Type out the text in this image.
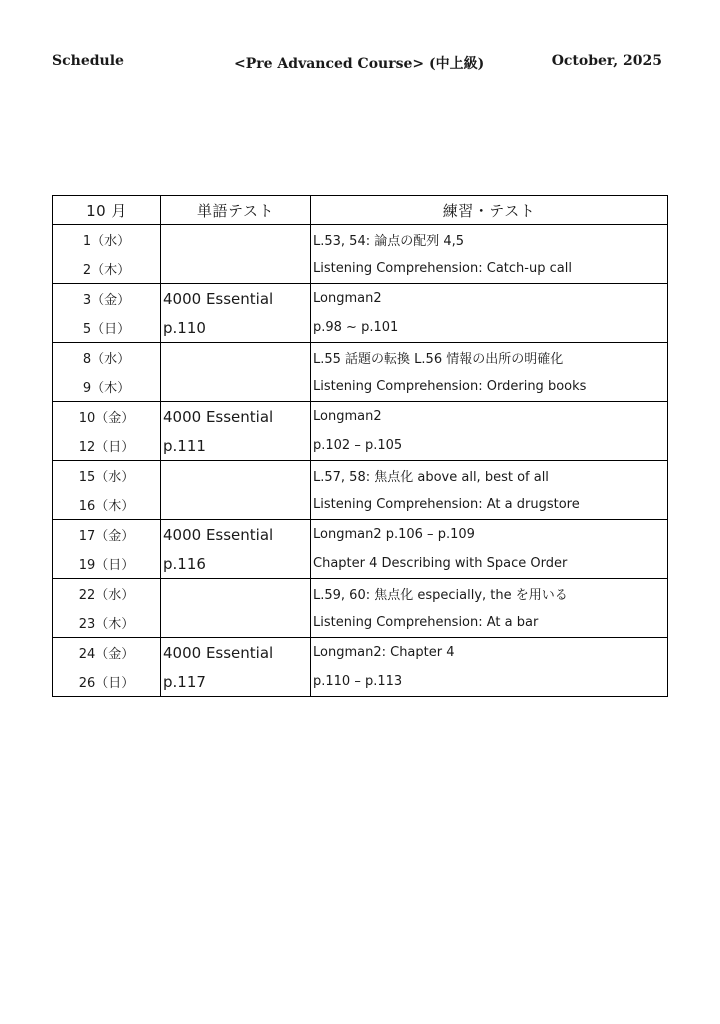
Schedule	<Pre Advanced Course> (中上級)	October, 2025
10 月	単語テスト	練習・テスト
1（水）		L.53, 54: 論点の配列 4,5
2（木）		Listening Comprehension: Catch-up call
3（金）	4000 Essential	Longman2
5（日）	p.110	p.98 ~ p.101
8（水）		L.55 話題の転換 L.56 情報の出所の明確化
9（木）		Listening Comprehension: Ordering books
10（金）	4000 Essential	Longman2
12（日）	p.111	p.102 – p.105
15（水）		L.57, 58: 焦点化 above all, best of all
16（木）		Listening Comprehension: At a drugstore
17（金）	4000 Essential	Longman2 p.106 – p.109
19（日）	p.116	Chapter 4 Describing with Space Order
22（水）		L.59, 60: 焦点化 especially, the を用いる
23（木）		Listening Comprehension: At a bar
24（金）	4000 Essential	Longman2: Chapter 4
26（日）	p.117	p.110 – p.113
